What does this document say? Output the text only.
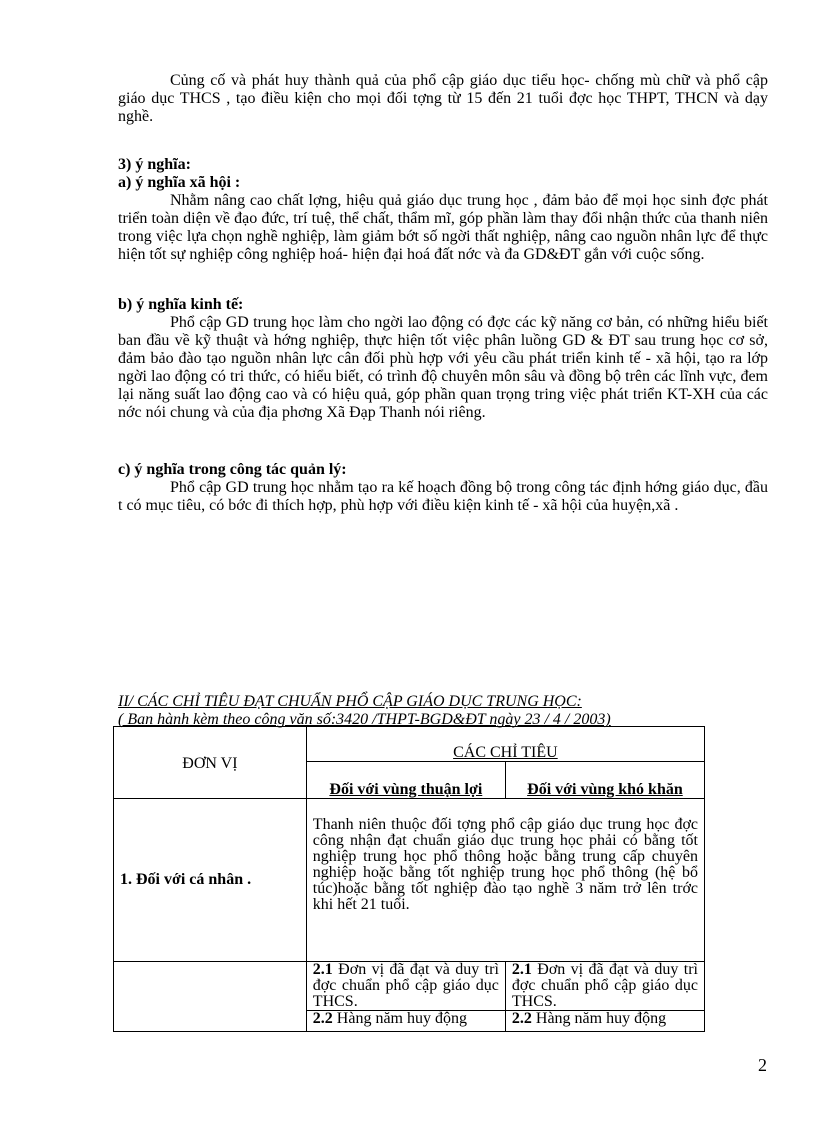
Củng cố và phát huy thành quả của phổ cập giáo dục tiểu học- chống mù chữ và phổ cập giáo dục THCS , tạo điều kiện cho mọi đối tợng từ 15 đến 21 tuổi đợc học THPT, THCN và dạy nghề.

3) ý nghĩa:

a) ý nghĩa xã hội :

Nhằm nâng cao chất lợng, hiệu quả giáo dục trung học , đảm bảo để mọi học sinh đợc phát triển toàn diện về đạo đức, trí tuệ, thể chất, thẩm mĩ, góp phần làm thay đổi nhận thức của thanh niên trong việc lựa chọn nghề nghiệp, làm giảm bớt số ngời thất nghiệp, nâng cao nguồn nhân lực để thực hiện tốt sự nghiệp công nghiệp hoá- hiện đại hoá đất nớc và đa GD&ĐT gắn với cuộc sống.

b) ý nghĩa kinh tế:

Phổ cập GD trung học làm cho ngời lao động có đợc các kỹ năng cơ bản, có những hiểu biết ban đầu về kỹ thuật và hớng nghiệp, thực hiện tốt việc phân luồng GD & ĐT sau trung học cơ sở, đảm bảo đào tạo nguồn nhân lực cân đối phù hợp với yêu cầu phát triển kinh tế - xã hội, tạo ra lớp ngời lao động có tri thức, có hiểu biết, có trình độ chuyên môn sâu và đồng bộ trên các lĩnh vực, đem lại năng suất lao động cao và có hiệu quả, góp phần quan trọng tring việc phát triển KT-XH của các nớc nói chung và của địa phơng Xã Đạp Thanh nói riêng.

c) ý nghĩa trong công tác quản lý:

Phổ cập GD trung học nhằm tạo ra kế hoạch đồng bộ trong công tác định hớng giáo dục, đầu t có mục tiêu, có bớc đi thích hợp, phù hợp với điều kiện kinh tế - xã hội của huyện,xã .

II/ CÁC CHỈ TIÊU ĐẠT CHUẨN PHỔ CẬP GIÁO DỤC TRUNG HỌC:

( Ban hành kèm theo công văn số:3420 /THPT-BGD&ĐT ngày 23 / 4 / 2003)

ĐƠN VỊ	CÁC CHỈ TIÊU	
	Đối với vùng thuận lợi	Đối với vùng khó khăn
1. Đối với cá nhân .	Thanh niên thuộc đối tợng phổ cập giáo dục trung học đợc công nhận đạt chuẩn giáo dục trung học phải có bằng tốt nghiệp trung học phổ thông hoặc bằng trung cấp chuyên nghiệp hoặc bằng tốt nghiệp trung học phổ thông (hệ bổ túc)hoặc bằng tốt nghiệp đào tạo nghề 3 năm trở lên trớc khi hết 21 tuổi.	
	2.1 Đơn vị đã đạt và duy trì đợc chuẩn phổ cập giáo dục THCS.	2.1 Đơn vị đã đạt và duy trì đợc chuẩn phổ cập giáo dục THCS.
	2.2 Hàng năm huy động	2.2 Hàng năm huy động
2
